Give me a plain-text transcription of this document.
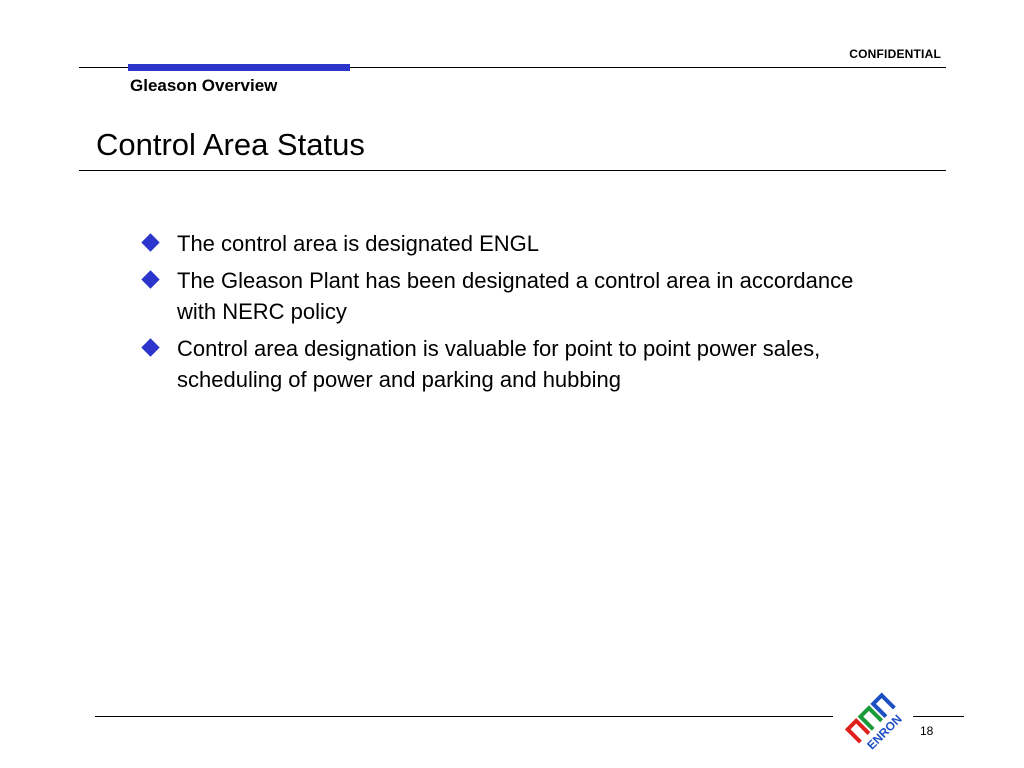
CONFIDENTIAL
Gleason Overview
Control Area Status
The control area is designated ENGL
The Gleason Plant has been designated a control area in accordance with NERC policy
Control area designation is valuable for point to point power sales, scheduling of power and parking and hubbing
ENRON 18
